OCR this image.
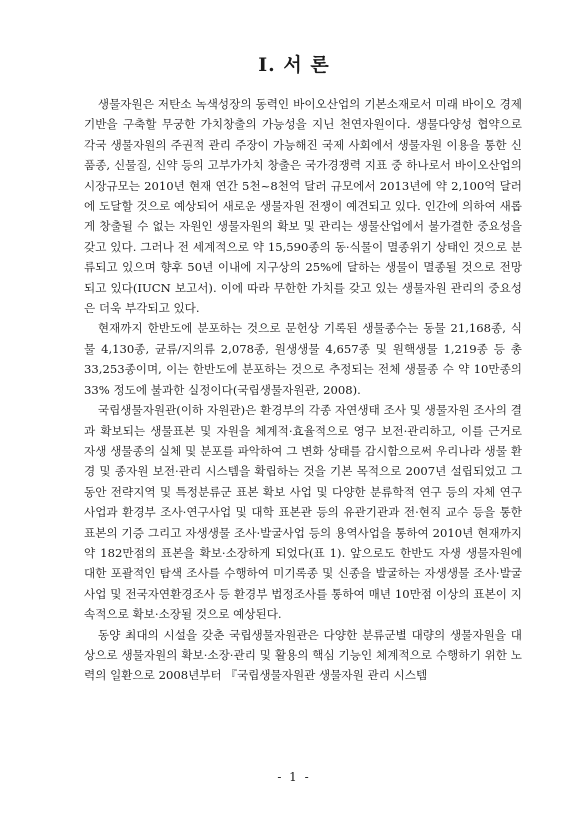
I. 서 론

생물자원은 저탄소 녹색성장의 동력인 바이오산업의 기본소재로서 미래 바이오 경제 기반을 구축할 무궁한 가치창출의 가능성을 지닌 천연자원이다. 생물다양성 협약으로 각국 생물자원의 주권적 관리 주장이 가능해진 국제 사회에서 생물자원 이용을 통한 신품종, 신물질, 신약 등의 고부가가치 창출은 국가경쟁력 지표 중 하나로서 바이오산업의 시장규모는 2010년 현재 연간 5천~8천억 달러 규모에서 2013년에 약 2,100억 달러에 도달할 것으로 예상되어 새로운 생물자원 전쟁이 예견되고 있다. 인간에 의하여 새롭게 창출될 수 없는 자원인 생물자원의 확보 및 관리는 생물산업에서 불가결한 중요성을 갖고 있다. 그러나 전 세계적으로 약 15,590종의 동·식물이 멸종위기 상태인 것으로 분류되고 있으며 향후 50년 이내에 지구상의 25%에 달하는 생물이 멸종될 것으로 전망되고 있다(IUCN 보고서). 이에 따라 무한한 가치를 갖고 있는 생물자원 관리의 중요성은 더욱 부각되고 있다.

현재까지 한반도에 분포하는 것으로 문헌상 기록된 생물종수는 동물 21,168종, 식물 4,130종, 균류/지의류 2,078종, 원생생물 4,657종 및 원핵생물 1,219종 등 총 33,253종이며, 이는 한반도에 분포하는 것으로 추정되는 전체 생물종 수 약 10만종의 33% 정도에 불과한 실정이다(국립생물자원관, 2008).

국립생물자원관(이하 자원관)은 환경부의 각종 자연생태 조사 및 생물자원 조사의 결과 확보되는 생물표본 및 자원을 체계적·효율적으로 영구 보전·관리하고, 이를 근거로 자생 생물종의 실체 및 분포를 파악하여 그 변화 상태를 감시함으로써 우리나라 생물 환경 및 종자원 보전·관리 시스템을 확립하는 것을 기본 목적으로 2007년 설립되었고 그동안 전략지역 및 특정분류군 표본 확보 사업 및 다양한 분류학적 연구 등의 자체 연구사업과 환경부 조사·연구사업 및 대학 표본관 등의 유관기관과 전·현직 교수 등을 통한 표본의 기증 그리고 자생생물 조사·발굴사업 등의 용역사업을 통하여 2010년 현재까지 약 182만점의 표본을 확보·소장하게 되었다(표 1). 앞으로도 한반도 자생 생물자원에 대한 포괄적인 탐색 조사를 수행하여 미기록종 및 신종을 발굴하는 자생생물 조사·발굴사업 및 전국자연환경조사 등 환경부 법정조사를 통하여 매년 10만점 이상의 표본이 지속적으로 확보·소장될 것으로 예상된다.

동양 최대의 시설을 갖춘 국립생물자원관은 다양한 분류군별 대량의 생물자원을 대상으로 생물자원의 확보·소장·관리 및 활용의 핵심 기능인 체계적으로 수행하기 위한 노력의 일환으로 2008년부터 『국립생물자원관 생물자원 관리 시스템

- 1 -
